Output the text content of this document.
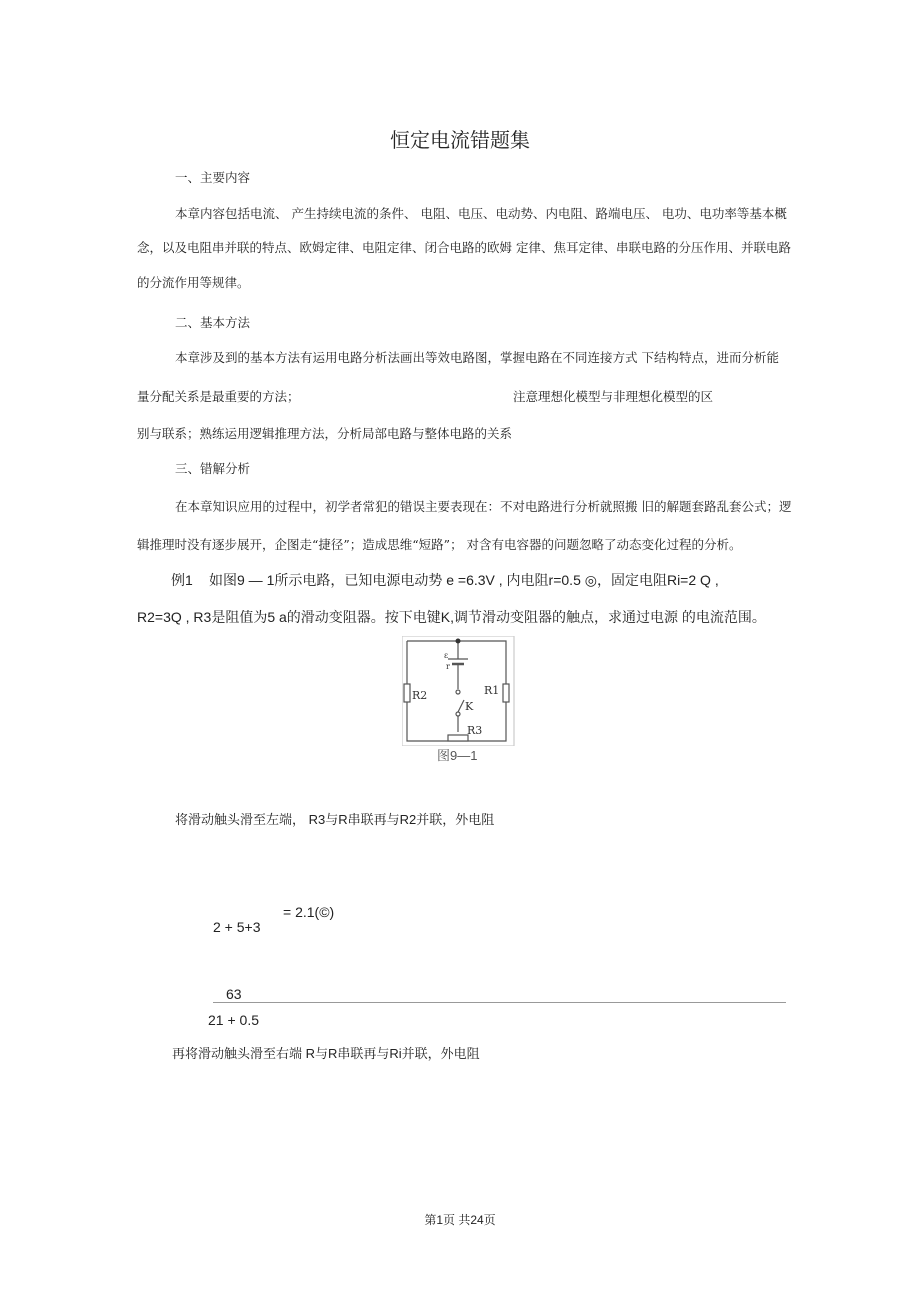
恒定电流错题集
一、主要内容
本章内容包括电流、 产生持续电流的条件、 电阻、电压、电动势、内电阻、路端电压、 电功、电功率等基本概
念，以及电阻串并联的特点、欧姆定律、电阻定律、闭合电路的欧姆 定律、焦耳定律、串联电路的分压作用、并联电路
的分流作用等规律。
二、基本方法
本章涉及到的基本方法有运用电路分析法画出等效电路图，掌握电路在不同连接方式 下结构特点，进而分析能
量分配关系是最重要的方法；	注意理想化模型与非理想化模型的区
别与联系；熟练运用逻辑推理方法，分析局部电路与整体电路的关系
三、错解分析
在本章知识应用的过程中，初学者常犯的错误主要表现在：不对电路进行分析就照搬 旧的解题套路乱套公式；逻
辑推理时没有逐步展开，企图走“捷径”；造成思维“短路”； 对含有电容器的问题忽略了动态变化过程的分析。
例1 如图9 — 1所示电路，已知电源电动势 e =6.3V , 内电阻r=0.5 ◎，固定电阻Ri=2 Q ,
R2=3Q , R3是阻值为5 a的滑动变阻器。按下电键K,调节滑动变阻器的触点，求通过电源 的电流范围。
ε
r
R2	R1
K
R3
图9—1
将滑动触头滑至左端， R3与R串联再与R2并联，外电阻
= 2.1(©)
2 + 5+3
63
21 + 0.5
再将滑动触头滑至右端 R与R串联再与Ri并联，外电阻
第1页 共24页
